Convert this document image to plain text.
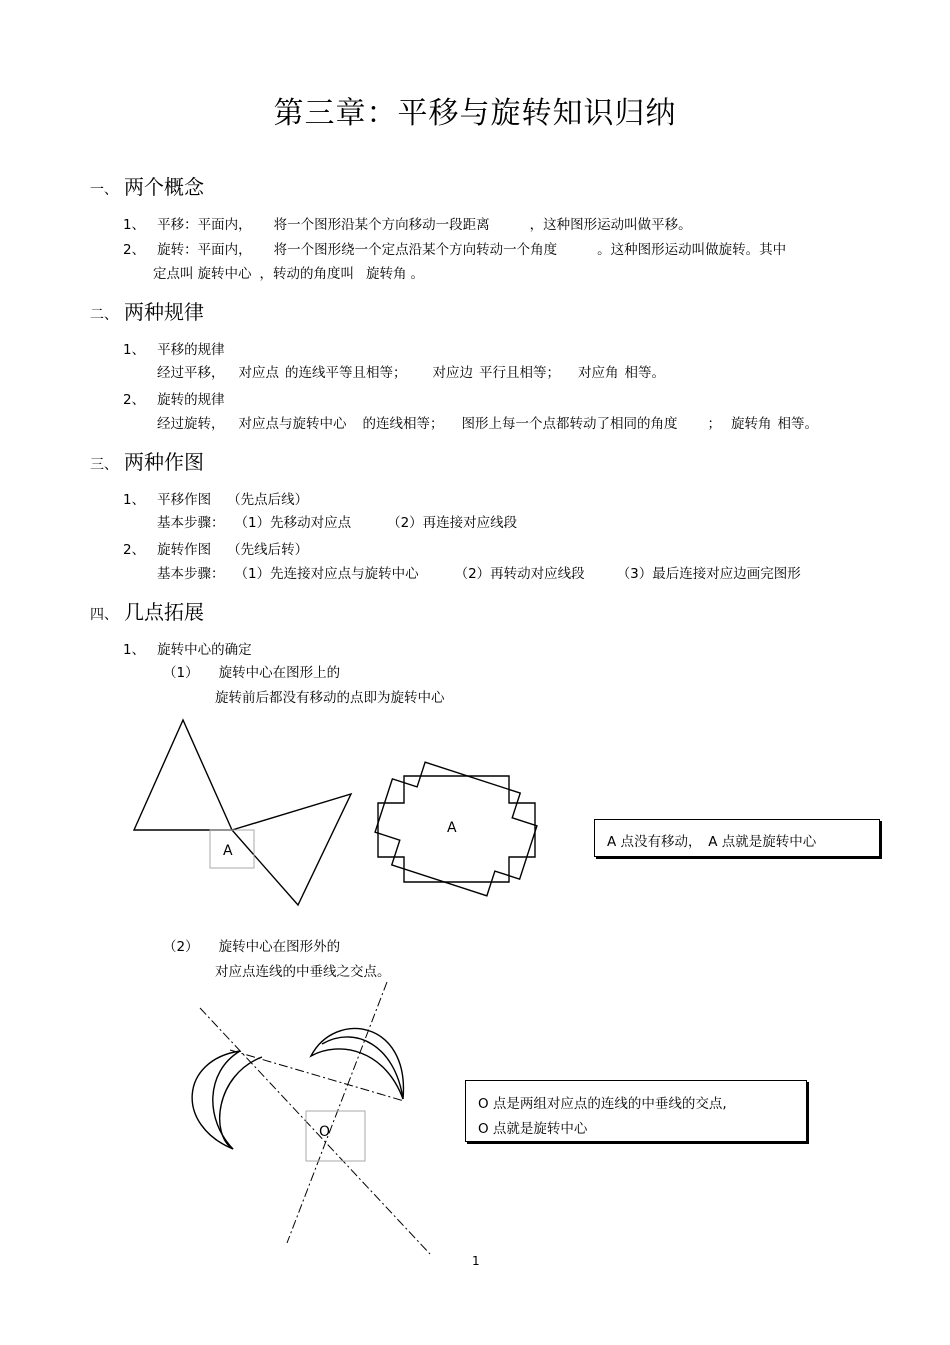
第三章：平移与旋转知识归纳
一、 两个概念
1、 平移：平面内， 将一个图形沿某个方向移动一段距离	，这种图形运动叫做平移。
2、 旋转：平面内， 将一个图形绕一个定点沿某个方向转动一个角度	。这种图形运动叫做旋转。其中
定点叫 旋转中心 ，转动的角度叫 旋转角 。
二、 两种规律
1、 平移的规律
经过平移， 对应点 的连线平等且相等； 对应边 平行且相等； 对应角 相等。
2、 旋转的规律
经过旋转， 对应点与旋转中心 的连线相等； 图形上每一个点都转动了相同的角度 ； 旋转角 相等。
三、 两种作图
1、 平移作图 （先点后线）
基本步骤： （1）先移动对应点	（2）再连接对应线段
2、 旋转作图 （先线后转）
基本步骤： （1）先连接对应点与旋转中心	（2）再转动对应线段 （3）最后连接对应边画完图形
四、 几点拓展
1、 旋转中心的确定
（1） 旋转中心在图形上的
旋转前后都没有移动的点即为旋转中心
A
A
A 点没有移动，　A 点就是旋转中心
（2） 旋转中心在图形外的
对应点连线的中垂线之交点。
O
O 点是两组对应点的连线的中垂线的交点,
O 点就是旋转中心
1
